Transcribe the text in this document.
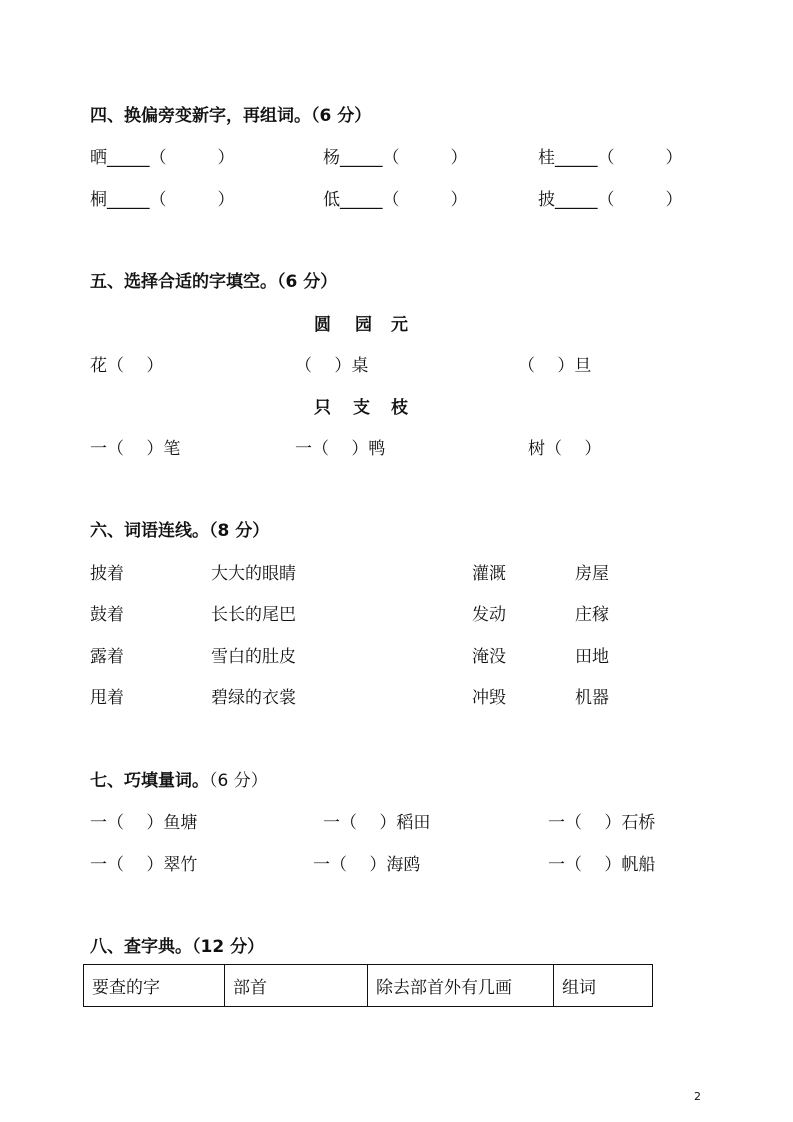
四、换偏旁变新字，再组词。（6 分）
晒_____（　　　）	杨_____（　　　）	桂_____（　　　）
桐_____（　　　）	低_____（　　　）	披_____（　　　）
五、选择合适的字填空。（6 分）
圆 园 元
花（　 ）	（　 ）桌	（　 ）旦
只 支 枝
一（　 ）笔	一（　 ）鸭	树（　 ）
六、词语连线。（8 分）
披着	大大的眼睛	灌溉	房屋
鼓着	长长的尾巴	发动	庄稼
露着	雪白的肚皮	淹没	田地
甩着	碧绿的衣裳	冲毁	机器
七、巧填量词。（6 分）
一（　 ）鱼塘	一（　 ）稻田	一（　 ）石桥
一（　 ）翠竹	一（　 ）海鸥	一（　 ）帆船
八、查字典。（12 分）
要查的字	部首	除去部首外有几画	组词
2
